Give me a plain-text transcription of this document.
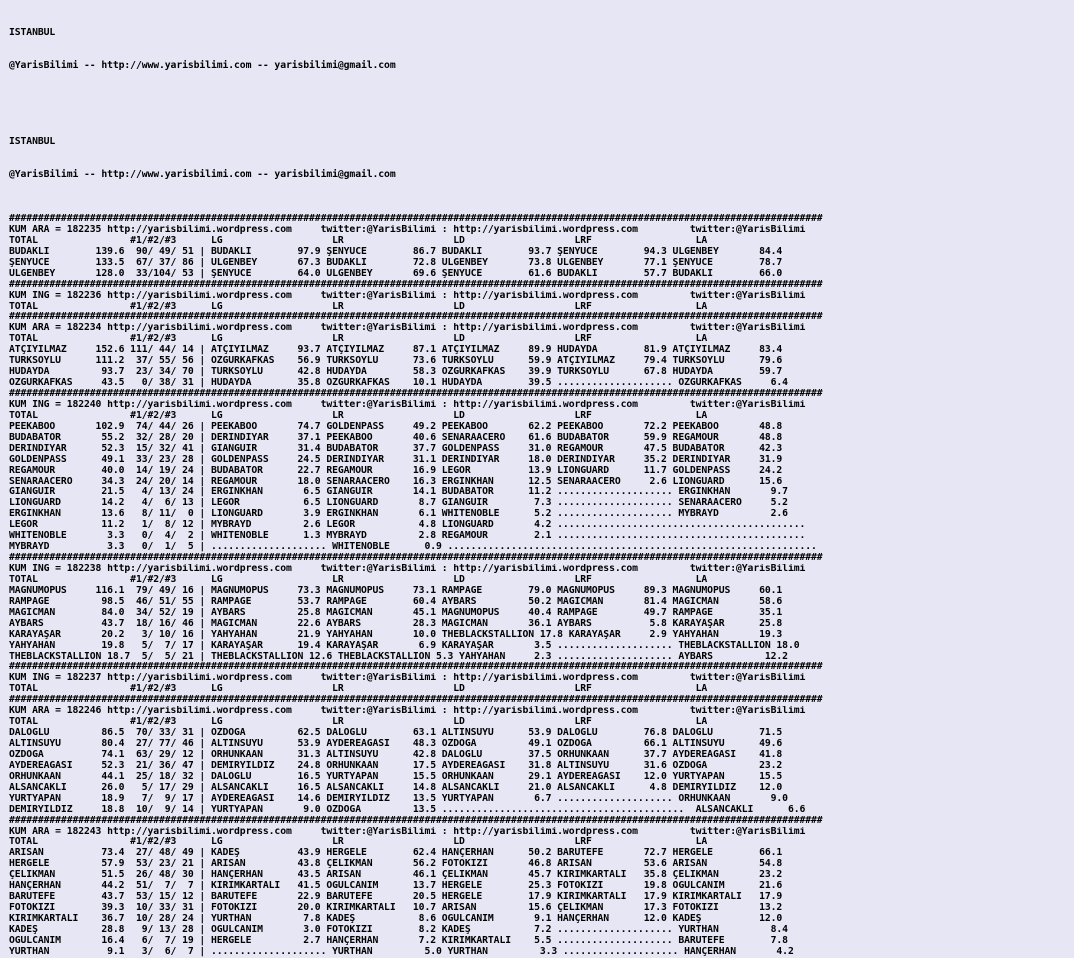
ISTANBUL

@YarisBilimi -- http://www.yarisbilimi.com -- yarisbilimi@gmail.com

ISTANBUL

@YarisBilimi -- http://www.yarisbilimi.com -- yarisbilimi@gmail.com

#############################################################################################################################################
KUM ARA = 182235 http://yarisbilimi.wordpress.com     twitter:@YarisBilimi : http://yarisbilimi.wordpress.com         twitter:@YarisBilimi
TOTAL                #1/#2/#3      LG                   LR                   LD                   LRF                  LA
BUDAKLI        139.6  90/ 49/ 51 | BUDAKLI        97.9 ŞENYÜCE        86.7 BUDAKLI        93.7 ŞENYÜCE        94.3 ÜLGENBEY       84.4
ŞENYÜCE        133.5  67/ 37/ 86 | ÜLGENBEY       67.3 BUDAKLI        72.8 ÜLGENBEY       73.8 ÜLGENBEY       77.1 ŞENYÜCE        78.7
ÜLGENBEY       128.0  33/104/ 53 | ŞENYÜCE        64.0 ÜLGENBEY       69.6 ŞENYÜCE        61.6 BUDAKLI        57.7 BUDAKLI        66.0
#############################################################################################################################################
KUM ING = 182236 http://yarisbilimi.wordpress.com     twitter:@YarisBilimi : http://yarisbilimi.wordpress.com         twitter:@YarisBilimi
TOTAL                #1/#2/#3      LG                   LR                   LD                   LRF                  LA
#############################################################################################################################################
KUM ARA = 182234 http://yarisbilimi.wordpress.com     twitter:@YarisBilimi : http://yarisbilimi.wordpress.com         twitter:@YarisBilimi
TOTAL                #1/#2/#3      LG                   LR                   LD                   LRF                  LA
ATÇIYILMAZ     152.6 111/ 44/ 14 | ATÇIYILMAZ     93.7 ATÇIYILMAZ     87.1 ATÇIYILMAZ     89.9 HUDAYDA        81.9 ATÇIYILMAZ     83.4
TÜRKSOYLU      111.2  37/ 55/ 56 | ÖZGÜRKAFKAS    56.9 TÜRKSOYLU      73.6 TÜRKSOYLU      59.9 ATÇIYILMAZ     79.4 TÜRKSOYLU      79.6
HUDAYDA         93.7  23/ 34/ 70 | TÜRKSOYLU      42.8 HUDAYDA        58.3 ÖZGÜRKAFKAS    39.9 TÜRKSOYLU      67.8 HUDAYDA        59.7
ÖZGÜRKAFKAS     43.5   0/ 38/ 31 | HUDAYDA        35.8 ÖZGÜRKAFKAS    10.1 HUDAYDA        39.5 .................... ÖZGÜRKAFKAS     6.4
#############################################################################################################################################
KUM ING = 182240 http://yarisbilimi.wordpress.com     twitter:@YarisBilimi : http://yarisbilimi.wordpress.com         twitter:@YarisBilimi
TOTAL                #1/#2/#3      LG                   LR                   LD                   LRF                  LA
PEEKABOO       102.9  74/ 44/ 26 | PEEKABOO       74.7 GOLDENPASS     49.2 PEEKABOO       62.2 PEEKABOO       72.2 PEEKABOO       48.8
BUDABATOR       55.2  32/ 28/ 20 | DERİNDİYAR     37.1 PEEKABOO       40.6 SENARAACERO    61.6 BUDABATOR      59.9 REGAMOUR       48.8
DERİNDİYAR      52.3  15/ 32/ 41 | GIANGUIR       31.4 BUDABATOR      37.7 GOLDENPASS     31.0 REGAMOUR       47.5 BUDABATOR      42.3
GOLDENPASS      49.1  33/ 23/ 28 | GOLDENPASS     24.5 DERİNDİYAR     31.1 DERİNDİYAR     18.0 DERİNDİYAR     35.2 DERİNDİYAR     31.9
REGAMOUR        40.0  14/ 19/ 24 | BUDABATOR      22.7 REGAMOUR       16.9 LEGOR          13.9 LIONGUARD      11.7 GOLDENPASS     24.2
SENARAACERO     34.3  24/ 20/ 14 | REGAMOUR       18.0 SENARAACERO    16.3 ERGİNKHAN      12.5 SENARAACERO     2.6 LIONGUARD      15.6
GIANGUIR        21.5   4/ 13/ 24 | ERGİNKHAN       6.5 GIANGUIR       14.1 BUDABATOR      11.2 .................... ERGİNKHAN       9.7
LIONGUARD       14.2   4/  6/ 13 | LEGOR           6.5 LIONGUARD       8.7 GIANGUIR        7.3 .................... SENARAACERO     5.2
ERGİNKHAN       13.6   8/ 11/  0 | LIONGUARD       3.9 ERGİNKHAN       6.1 WHITENOBLE      5.2 .................... MYBRAYD         2.6
LEGOR           11.2   1/  8/ 12 | MYBRAYD         2.6 LEGOR           4.8 LIONGUARD       4.2 ...........................................
WHITENOBLE       3.3   0/  4/  2 | WHITENOBLE      1.3 MYBRAYD         2.8 REGAMOUR        2.1 ...........................................
MYBRAYD          3.3   0/  1/  5 | .................... WHITENOBLE      0.9 ................................................................
#############################################################################################################################################
KUM ING = 182238 http://yarisbilimi.wordpress.com     twitter:@YarisBilimi : http://yarisbilimi.wordpress.com         twitter:@YarisBilimi
TOTAL                #1/#2/#3      LG                   LR                   LD                   LRF                  LA
MAGNUMOPUS     116.1  79/ 49/ 16 | MAGNUMOPUS     73.3 MAGNUMOPUS     73.1 RAMPAGE        79.0 MAGNUMOPUS     89.3 MAGNUMOPUS     60.1
RAMPAGE         98.5  46/ 51/ 55 | RAMPAGE        53.7 RAMPAGE        60.4 AYBARS         50.2 MAGICMAN       81.4 MAGICMAN       58.6
MAGICMAN        84.0  34/ 52/ 19 | AYBARS         25.8 MAGICMAN       45.1 MAGNUMOPUS     40.4 RAMPAGE        49.7 RAMPAGE        35.1
AYBARS          43.7  18/ 16/ 46 | MAGICMAN       22.6 AYBARS         28.3 MAGICMAN       36.1 AYBARS          5.8 KARAYAŞAR      25.8
KARAYAŞAR       20.2   3/ 10/ 16 | YAHYAHAN       21.9 YAHYAHAN       10.0 THEBLACKSTALLION 17.8 KARAYAŞAR     2.9 YAHYAHAN       19.3
YAHYAHAN        19.8   5/  7/ 17 | KARAYAŞAR      19.4 KARAYAŞAR       6.9 KARAYAŞAR       3.5 .................... THEBLACKSTALLION 18.0
THEBLACKSTALLION 18.7  5/  5/ 21 | THEBLACKSTALLION 12.6 THEBLACKSTALLION 5.3 YAHYAHAN     2.3 .................... AYBARS         12.2
#############################################################################################################################################
KUM ING = 182237 http://yarisbilimi.wordpress.com     twitter:@YarisBilimi : http://yarisbilimi.wordpress.com         twitter:@YarisBilimi
TOTAL                #1/#2/#3      LG                   LR                   LD                   LRF                  LA
#############################################################################################################################################
KUM ARA = 182246 http://yarisbilimi.wordpress.com     twitter:@YarisBilimi : http://yarisbilimi.wordpress.com         twitter:@YarisBilimi
TOTAL                #1/#2/#3      LG                   LR                   LD                   LRF                  LA
DALOĞLU         86.5  70/ 33/ 31 | ÖZDOĞA         62.5 DALOĞLU        63.1 ALTINSUYU      53.9 DALOĞLU        76.8 DALOĞLU        71.5
ALTINSUYU       80.4  27/ 77/ 46 | ALTINSUYU      53.9 AYDEREAĞASI    48.3 ÖZDOĞA         49.1 ÖZDOĞA         66.1 ALTINSUYU      49.6
ÖZDOĞA          74.1  63/ 29/ 12 | ORHUNKAAN      31.3 ALTINSUYU      42.8 DALOĞLU        37.5 ORHUNKAAN      37.7 AYDEREAĞASI    41.8
AYDEREAĞASI     52.3  21/ 36/ 47 | DEMİRYILDIZ    24.8 ORHUNKAAN      17.5 AYDEREAĞASI    31.8 ALTINSUYU      31.6 ÖZDOĞA         23.2
ORHUNKAAN       44.1  25/ 18/ 32 | DALOĞLU        16.5 YURTYAPAN      15.5 ORHUNKAAN      29.1 AYDEREAĞASI    12.0 YURTYAPAN      15.5
ALSANCAKLI      26.0   5/ 17/ 29 | ALSANCAKLI     16.5 ALSANCAKLI     14.8 ALSANCAKLI     21.0 ALSANCAKLI      4.8 DEMİRYILDIZ    12.0
YURTYAPAN       18.9   7/  9/ 17 | AYDEREAĞASI    14.6 DEMİRYILDIZ    13.5 YURTYAPAN       6.7 .................... ORHUNKAAN       9.0
DEMİRYILDIZ     18.8  10/  9/ 14 | YURTYAPAN       9.0 ÖZDOĞA         13.5 ..........................................  ALSANCAKLI      6.6
#############################################################################################################################################
KUM ARA = 182243 http://yarisbilimi.wordpress.com     twitter:@YarisBilimi : http://yarisbilimi.wordpress.com         twitter:@YarisBilimi
TOTAL                #1/#2/#3      LG                   LR                   LD                   LRF                  LA
ARISAN          73.4  27/ 48/ 49 | KADEŞ          43.9 HERGELE        62.4 HANÇERHAN      50.2 BARUTEFE       72.7 HERGELE        66.1
HERGELE         57.9  53/ 23/ 21 | ARISAN         43.8 ÇELİKMAN       56.2 FOTOKIZI       46.8 ARISAN         53.6 ARISAN         54.8
ÇELİKMAN        51.5  26/ 48/ 30 | HANÇERHAN      43.5 ARISAN         46.1 ÇELİKMAN       45.7 KIRIMKARTALI   35.8 ÇELİKMAN       23.2
HANÇERHAN       44.2  51/  7/  7 | KIRIMKARTALI   41.5 OĞULCANIM      13.7 HERGELE        25.3 FOTOKIZI       19.8 OĞULCANIM      21.6
BARUTEFE        43.7  53/ 15/ 12 | BARUTEFE       22.9 BARUTEFE       20.5 HERGELE        17.9 KIRIMKARTALI   17.9 KIRIMKARTALI   17.9
FOTOKIZI        39.3  10/ 33/ 31 | FOTOKIZI       20.0 KIRIMKARTALI   10.7 ARISAN         15.6 ÇELİKMAN       17.3 FOTOKIZI       13.2
KIRIMKARTALI    36.7  10/ 28/ 24 | YURTHAN         7.8 KADEŞ           8.6 OĞULCANIM       9.1 HANÇERHAN      12.0 KADEŞ          12.0
KADEŞ           28.8   9/ 13/ 28 | OĞULCANIM       3.0 FOTOKIZI        8.2 KADEŞ           7.2 .................... YURTHAN         8.4
OĞULCANIM       16.4   6/  7/ 19 | HERGELE         2.7 HANÇERHAN       7.2 KIRIMKARTALI    5.5 .................... BARUTEFE        7.8
YURTHAN          9.1   3/  6/  7 | .................... YURTHAN         5.0 YURTHAN         3.3 .................... HANÇERHAN       4.2
